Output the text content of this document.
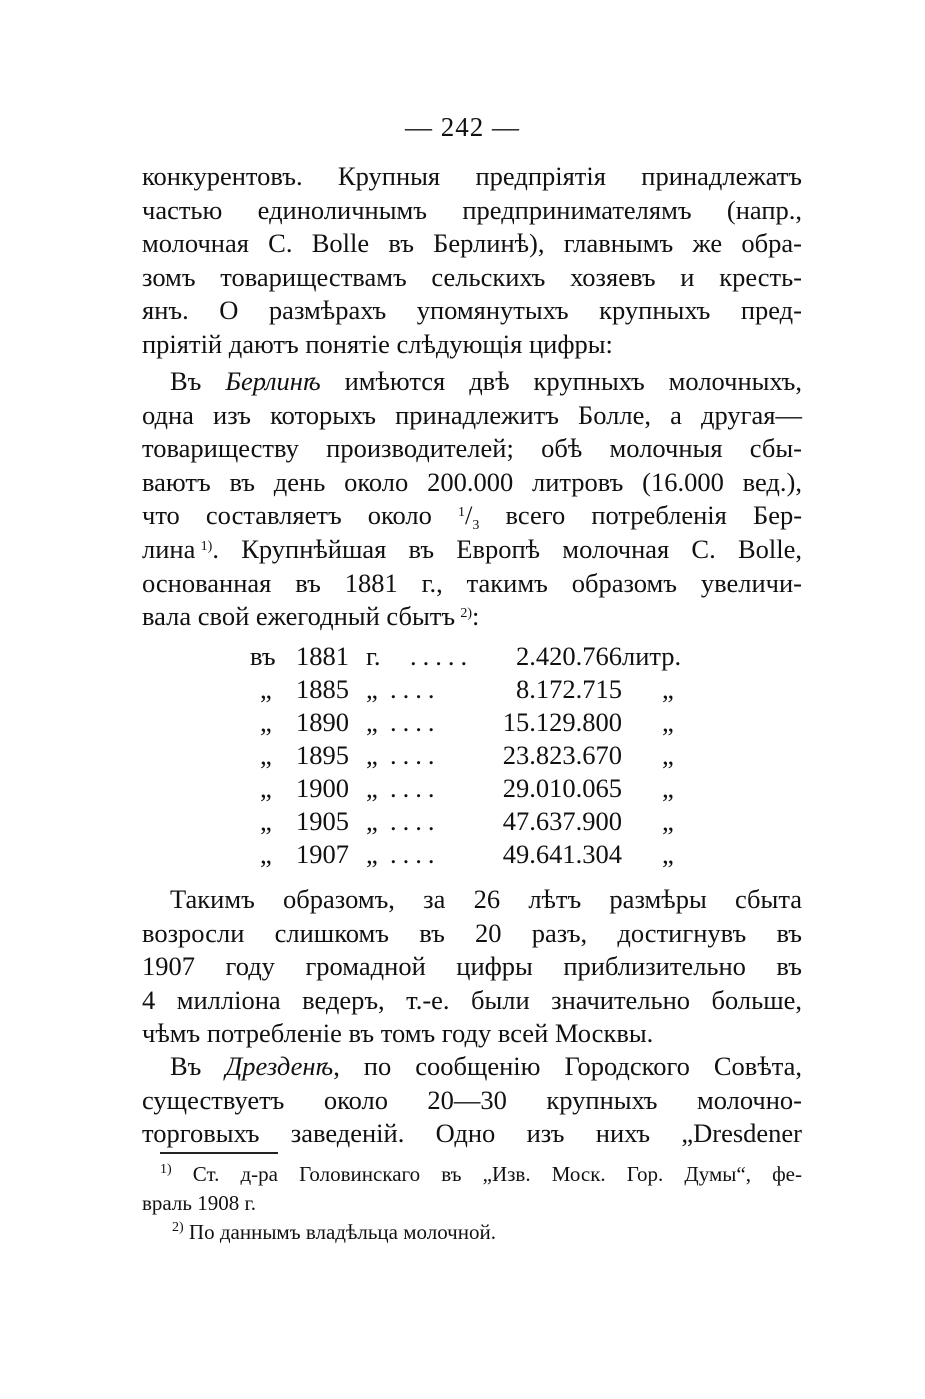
— 242 —
конкурентовъ. Крупныя предпріятія принадлежатъ
частью единоличнымъ предпринимателямъ (напр.,
молочная С. Bolle въ Берлинѣ), главнымъ же обра-
зомъ товариществамъ сельскихъ хозяевъ и кресть-
янъ. О размѣрахъ упомянутыхъ крупныхъ пред-
пріятій даютъ понятіе слѣдующія цифры:
Въ Берлинѣ имѣются двѣ крупныхъ молочныхъ,
одна изъ которыхъ принадлежитъ Болле, а другая—
товариществу производителей; обѣ молочныя сбы-
ваютъ въ день около 200.000 литровъ (16.000 вед.),
что составляетъ около $^1/_3$ всего потребленія Бер-
лина  $^{1)}$. Крупнѣйшая въ Европѣ молочная С. Bolle,
основанная въ 1881 г., такимъ образомъ увеличи-
вала свой ежегодный сбытъ  $^{2)}$:
въ 1881 г. ..... 2.420.766 литр.
„ 1885 „ ....	8.172.715 „
„ 1890 „ .... 15.129.800 „
„ 1895 „ .... 23.823.670 „
„ 1900 „ .... 29.010.065 „
„ 1905 „ .... 47.637.900 „
„ 1907 „ .... 49.641.304 „
Такимъ образомъ, за 26 лѣтъ размѣры сбыта
возросли слишкомъ въ 20 разъ, достигнувъ въ
1907 году громадной цифры приблизительно въ
4 милліона ведеръ, т.-е. были значительно больше,
чѣмъ потребленіе въ томъ году всей Москвы.
Въ Дрезденѣ, по сообщенію Городского Совѣта,
существуетъ около 20—30 крупныхъ молочно-
торговыхъ заведеній. Одно изъ нихъ „Dresdener
$^{1)}$ Ст. д-ра Головинскаго въ „Изв. Моск. Гор. Думы“, фе-
враль 1908 г.
$^{2)}$ По даннымъ владѣльца молочной.
